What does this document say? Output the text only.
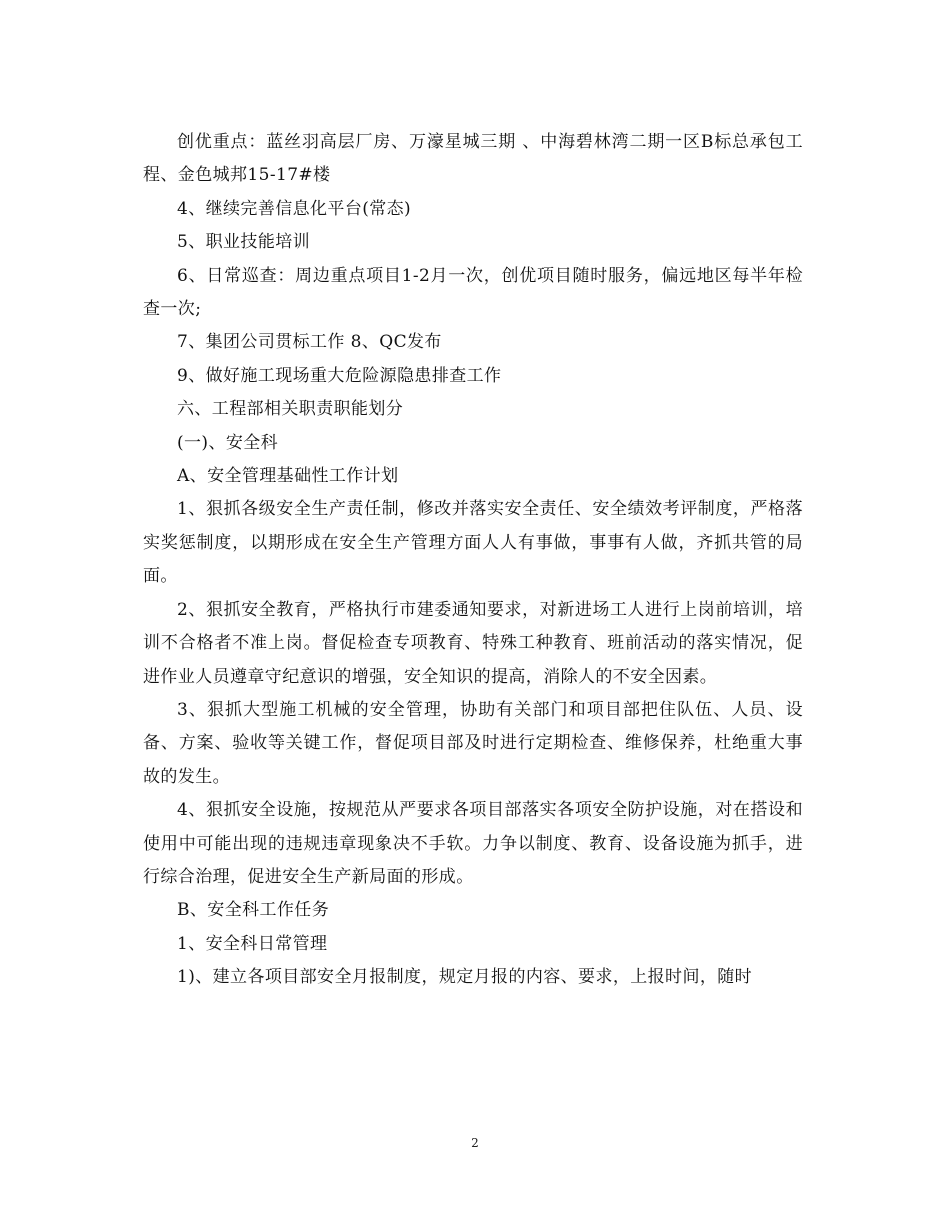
创优重点：蓝丝羽高层厂房、万濠星城三期 、中海碧林湾二期一区B标总承包工程、金色城邦15-17#楼

4、继续完善信息化平台(常态)

5、职业技能培训

6、日常巡查：周边重点项目1-2月一次，创优项目随时服务，偏远地区每半年检查一次;

7、集团公司贯标工作 8、QC发布

9、做好施工现场重大危险源隐患排查工作

六、工程部相关职责职能划分

(一)、安全科

A、安全管理基础性工作计划

1、狠抓各级安全生产责任制，修改并落实安全责任、安全绩效考评制度，严格落实奖惩制度，以期形成在安全生产管理方面人人有事做，事事有人做，齐抓共管的局面。

2、狠抓安全教育，严格执行市建委通知要求，对新进场工人进行上岗前培训，培训不合格者不准上岗。督促检查专项教育、特殊工种教育、班前活动的落实情况，促进作业人员遵章守纪意识的增强，安全知识的提高，消除人的不安全因素。

3、狠抓大型施工机械的安全管理，协助有关部门和项目部把住队伍、人员、设备、方案、验收等关键工作，督促项目部及时进行定期检查、维修保养，杜绝重大事故的发生。

4、狠抓安全设施，按规范从严要求各项目部落实各项安全防护设施，对在搭设和使用中可能出现的违规违章现象决不手软。力争以制度、教育、设备设施为抓手，进行综合治理，促进安全生产新局面的形成。

B、安全科工作任务

1、安全科日常管理

1)、建立各项目部安全月报制度，规定月报的内容、要求，上报时间，随时

2
